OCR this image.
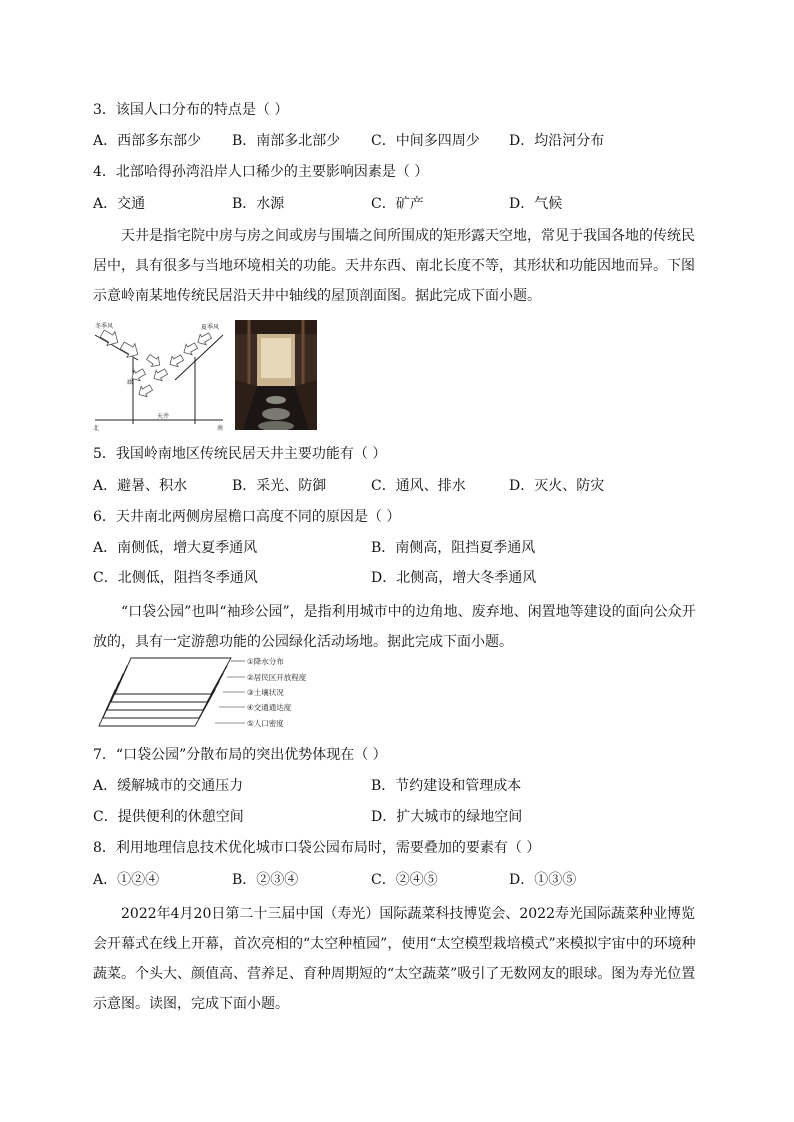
3．该国人口分布的特点是（ ）
A．西部多东部少 B．南部多北部少 C．中间多四周少 D．均沿河分布
4．北部哈得孙湾沿岸人口稀少的主要影响因素是（ ）
A．交通	B．水源	C．矿产	D．气候
天井是指宅院中房与房之间或房与围墙之间所围成的矩形露天空地，常见于我国各地的传统民居中，具有很多与当地环境相关的功能。天井东西、南北长度不等，其形状和功能因地而异。下图示意岭南某地传统民居沿天井中轴线的屋顶剖面图。据此完成下面小题。
冬季风	夏季风
廊
天井
北	南
5．我国岭南地区传统民居天井主要功能有（ ）
A．避暑、积水	B．采光、防御	C．通风、排水	D．灭火、防灾
6．天井南北两侧房屋檐口高度不同的原因是（ ）
A．南侧低，增大夏季通风	B．南侧高，阻挡夏季通风
C．北侧低，阻挡冬季通风	D．北侧高，增大冬季通风
“口袋公园”也叫“袖珍公园”，是指利用城市中的边角地、废弃地、闲置地等建设的面向公众开放的，具有一定游憩功能的公园绿化活动场地。据此完成下面小题。
①降水分布
②居民区开放程度
③土壤状况
④交通通达度
⑤人口密度
7．“口袋公园”分散布局的突出优势体现在（ ）
A．缓解城市的交通压力	B．节约建设和管理成本
C．提供便利的休憩空间	D．扩大城市的绿地空间
8．利用地理信息技术优化城市口袋公园布局时，需要叠加的要素有（ ）
A．①②④	B．②③④	C．②④⑤	D．①③⑤
2022年4月20日第二十三届中国（寿光）国际蔬菜科技博览会、2022寿光国际蔬菜种业博览会开幕式在线上开幕，首次亮相的“太空种植园”，使用“太空模型栽培模式”来模拟宇宙中的环境种蔬菜。个头大、颜值高、营养足、育种周期短的“太空蔬菜”吸引了无数网友的眼球。图为寿光位置示意图。读图，完成下面小题。
